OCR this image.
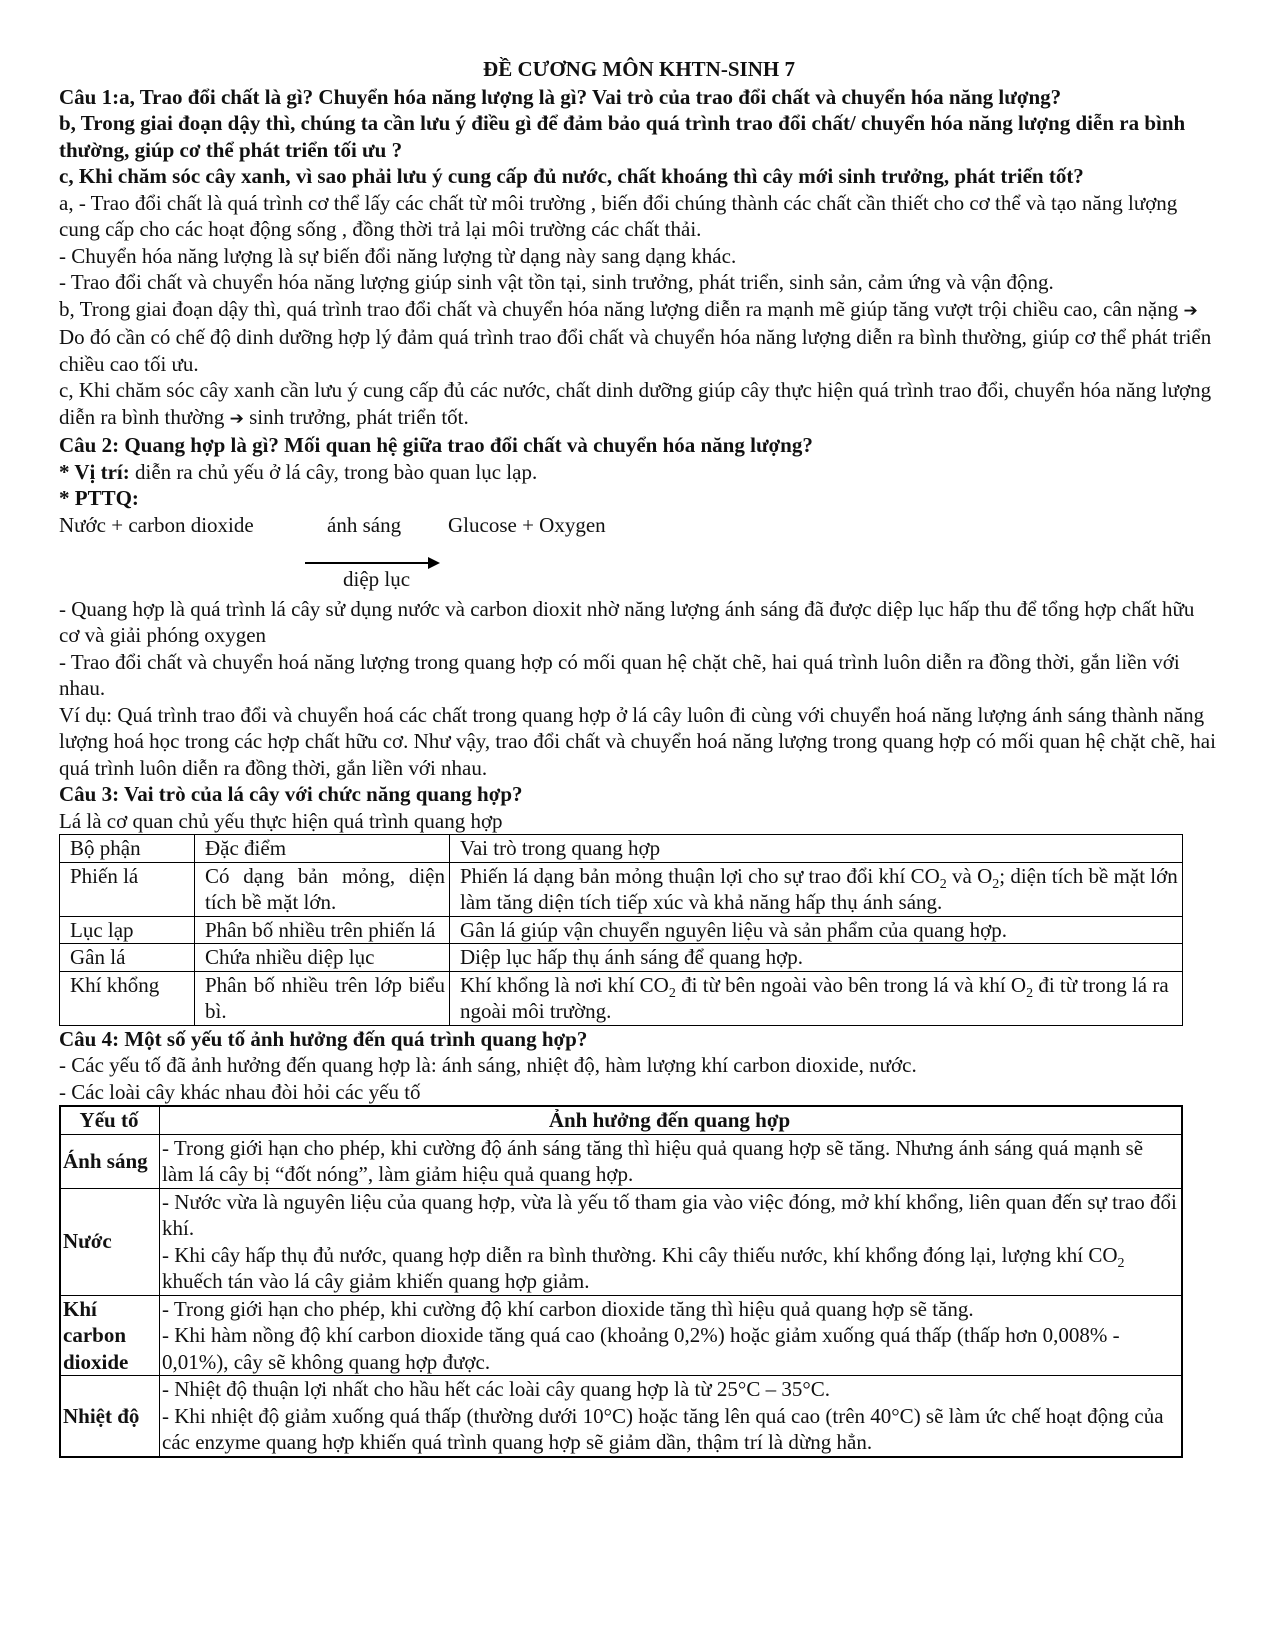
ĐỀ CƯƠNG MÔN KHTN-SINH 7

Câu 1:a, Trao đổi chất là gì? Chuyển hóa năng lượng là gì? Vai trò của trao đổi chất và chuyển hóa năng lượng?

b, Trong giai đoạn dậy thì, chúng ta cần lưu ý điều gì để đảm bảo quá trình trao đổi chất/ chuyển hóa năng lượng diễn ra bình thường, giúp cơ thể phát triển tối ưu ?

c, Khi chăm sóc cây xanh, vì sao phải lưu ý cung cấp đủ nước, chất khoáng thì cây mới sinh trưởng, phát triển tốt?

a, - Trao đổi chất là quá trình cơ thể lấy các chất từ môi trường , biến đổi chúng thành các chất cần thiết cho cơ thể và tạo năng lượng cung cấp cho các hoạt động sống , đồng thời trả lại môi trường các chất thải.

- Chuyển hóa năng lượng là sự biến đổi năng lượng từ dạng này sang dạng khác.

- Trao đổi chất và chuyển hóa năng lượng giúp sinh vật tồn tại, sinh trưởng, phát triển, sinh sản, cảm ứng và vận động.

b, Trong giai đoạn dậy thì, quá trình trao đổi chất và chuyển hóa năng lượng diễn ra mạnh mẽ giúp tăng vượt trội chiều cao, cân nặng ➔ Do đó cần có chế độ dinh dưỡng hợp lý đảm quá trình trao đổi chất và chuyển hóa năng lượng diễn ra bình thường, giúp cơ thể phát triển chiều cao tối ưu.

c, Khi chăm sóc cây xanh cần lưu ý cung cấp đủ các nước, chất dinh dưỡng giúp cây thực hiện quá trình trao đổi, chuyển hóa năng lượng diễn ra bình thường ➔ sinh trưởng, phát triển tốt.

Câu 2: Quang hợp là gì? Mối quan hệ giữa trao đổi chất và chuyển hóa năng lượng?

* Vị trí: diễn ra chủ yếu ở lá cây, trong bào quan lục lạp.

* PTTQ:

Nước + carbon dioxide	ánh sáng Glucose + Oxygen
diệp lục

- Quang hợp là quá trình lá cây sử dụng nước và carbon dioxit nhờ năng lượng ánh sáng đã được diệp lục hấp thu để tổng hợp chất hữu cơ và giải phóng oxygen

- Trao đổi chất và chuyển hoá năng lượng trong quang hợp có mối quan hệ chặt chẽ, hai quá trình luôn diễn ra đồng thời, gắn liền với nhau.

Ví dụ: Quá trình trao đổi và chuyển hoá các chất trong quang hợp ở lá cây luôn đi cùng với chuyển hoá năng lượng ánh sáng thành năng lượng hoá học trong các hợp chất hữu cơ. Như vậy, trao đổi chất và chuyển hoá năng lượng trong quang hợp có mối quan hệ chặt chẽ, hai quá trình luôn diễn ra đồng thời, gắn liền với nhau.

Câu 3: Vai trò của lá cây với chức năng quang hợp?

Lá là cơ quan chủ yếu thực hiện quá trình quang hợp

Bộ phận	Đặc điểm	Vai trò trong quang hợp
Phiến lá	Có dạng bản mỏng, diện tích bề mặt lớn.	Phiến lá dạng bản mỏng thuận lợi cho sự trao đổi khí $CO_2$ và $O_2$; diện tích bề mặt lớn làm tăng diện tích tiếp xúc và khả năng hấp thụ ánh sáng.
Lục lạp	Phân bố nhiều trên phiến lá	Gân lá giúp vận chuyển nguyên liệu và sản phẩm của quang hợp.
Gân lá	Chứa nhiều diệp lục	Diệp lục hấp thụ ánh sáng để quang hợp.
Khí khổng	Phân bố nhiều trên lớp biểu bì.	Khí khổng là nơi khí $CO_2$ đi từ bên ngoài vào bên trong lá và khí $O_2$ đi từ trong lá ra ngoài môi trường.

Câu 4: Một số yếu tố ảnh hưởng đến quá trình quang hợp?

- Các yếu tố đã ảnh hưởng đến quang hợp là: ánh sáng, nhiệt độ, hàm lượng khí carbon dioxide, nước.

- Các loài cây khác nhau đòi hỏi các yếu tố

Yếu tố	Ảnh hưởng đến quang hợp
Ánh sáng	- Trong giới hạn cho phép, khi cường độ ánh sáng tăng thì hiệu quả quang hợp sẽ tăng. Nhưng ánh sáng quá mạnh sẽ làm lá cây bị “đốt nóng”, làm giảm hiệu quả quang hợp.

Nước	- Nước vừa là nguyên liệu của quang hợp, vừa là yếu tố tham gia vào việc đóng, mở khí khổng, liên quan đến sự trao đổi khí.
- Khi cây hấp thụ đủ nước, quang hợp diễn ra bình thường. Khi cây thiếu nước, khí khổng đóng lại, lượng khí $CO_2$ khuếch tán vào lá cây giảm khiến quang hợp giảm.

Khí carbon dioxide	- Trong giới hạn cho phép, khi cường độ khí carbon dioxide tăng thì hiệu quả quang hợp sẽ tăng.
- Khi hàm nồng độ khí carbon dioxide tăng quá cao (khoảng 0,2%) hoặc giảm xuống quá thấp (thấp hơn 0,008% - 0,01%), cây sẽ không quang hợp được.

Nhiệt độ	- Nhiệt độ thuận lợi nhất cho hầu hết các loài cây quang hợp là từ 25°C – 35°C.
- Khi nhiệt độ giảm xuống quá thấp (thường dưới 10°C) hoặc tăng lên quá cao (trên 40°C) sẽ làm ức chế hoạt động của các enzyme quang hợp khiến quá trình quang hợp sẽ giảm dần, thậm trí là dừng hẳn.
